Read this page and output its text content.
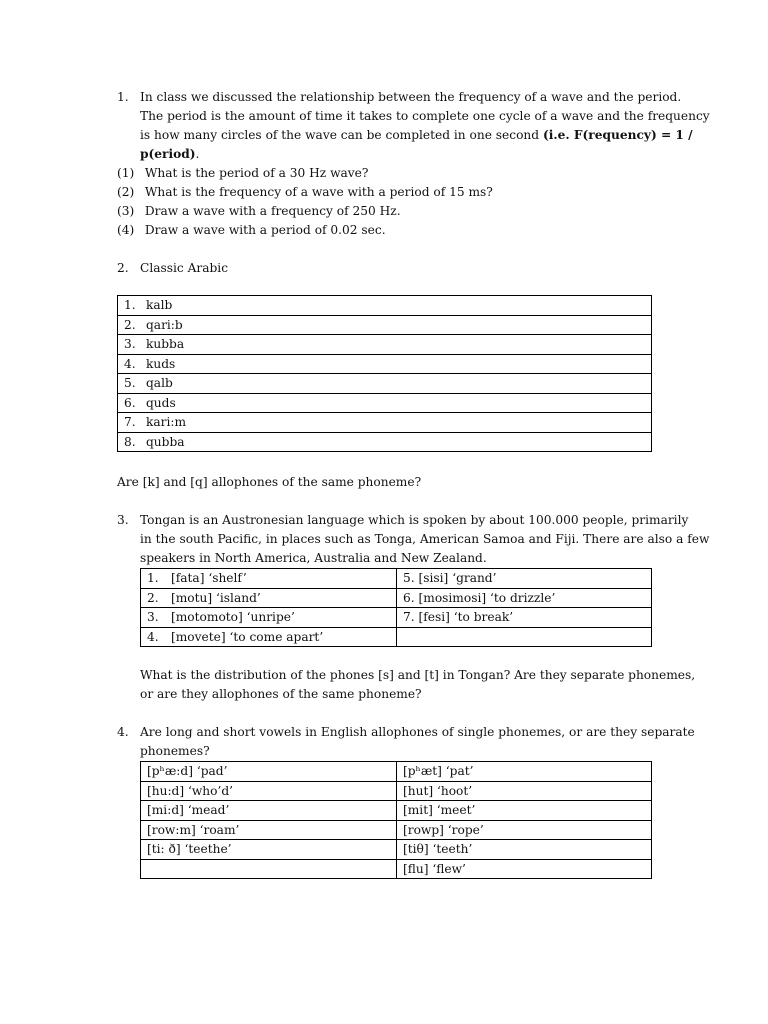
1. In class we discussed the relationship between the frequency of a wave and the period.
The period is the amount of time it takes to complete one cycle of a wave and the frequency
is how many circles of the wave can be completed in one second (i.e. F(requency) = 1 /
p(eriod).
(1) What is the period of a 30 Hz wave?
(2) What is the frequency of a wave with a period of 15 ms?
(3) Draw a wave with a frequency of 250 Hz.
(4) Draw a wave with a period of 0.02 sec.
2. Classic Arabic
1. kalb
2. qari:b
3. kubba
4. kuds
5. qalb
6. quds
7. kari:m
8. qubba
Are [k] and [q] allophones of the same phoneme?
3. Tongan is an Austronesian language which is spoken by about 100.000 people, primarily
in the south Pacific, in places such as Tonga, American Samoa and Fiji. There are also a few
speakers in North America, Australia and New Zealand.
1. [fata] ‘shelf’	5. [sisi] ‘grand’
2. [motu] ‘island’	6. [mosimosi] ‘to drizzle’
3. [motomoto] ‘unripe’	7. [fesi] ‘to break’
4. [movete] ‘to come apart’	
What is the distribution of the phones [s] and [t] in Tongan? Are they separate phonemes,
or are they allophones of the same phoneme?
4. Are long and short vowels in English allophones of single phonemes, or are they separate
phonemes?
[pʰæ:d] ‘pad’	[pʰæt] ‘pat’
[hu:d] ‘who’d’	[hut] ‘hoot’
[mi:d] ‘mead’	[mit] ‘meet’
[row:m] ‘roam’	[rowp] ‘rope’
[ti: ð] ‘teethe’	[tiθ] ‘teeth’
	[flu] ‘flew’
